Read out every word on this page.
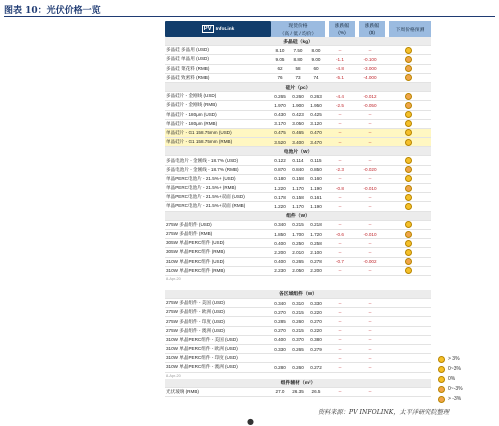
图表 10：光伏价格一览
PV InfoLink	现货价格		涨跌幅		涨跌幅		下周价格预测
	（高 / 低 / 均价）		(%)		($)		
多晶硅（kg）						
多晶硅 多晶用 (USD)	8.10	7.50	8.00	--	--	
多晶硅 单晶用 (USD)	9.05	8.80	9.00	-1.1	-0.100	
多晶硅 菜花料 (RMB)	62	58	60	-4.8	-3.000	
多晶硅 致密料 (RMB)	76	73	74	-5.1	-4.000	
硅片（pc）						
多晶硅片 - 金刚线 (USD)	0.265	0.260	0.263	-4.4	-0.012	
多晶硅片 - 金刚线 (RMB)	1.970	1.900	1.950	-2.5	-0.050	
单晶硅片 - 180μm (USD)	0.430	0.423	0.425	--	--	
单晶硅片 - 180μm (RMB)	3.170	3.050	3.120	--	--	
单晶硅片 - G1 158.75mm (USD)	0.475	0.465	0.470	--	--	
单晶硅片 - G1 158.75mm (RMB)	3.520	3.400	3.470	--	--	
电池片（W）						
多晶电池片 - 金刚线 - 18.7% (USD)	0.122	0.114	0.115	--	--	
多晶电池片 - 金刚线 - 18.7% (RMB)	0.870	0.840	0.850	-2.3	-0.020	
单晶PERC电池片 - 21.5%+ (USD)	0.180	0.158	0.160	--	--	
单晶PERC电池片 - 21.5%+ (RMB)	1.220	1.170	1.190	-0.8	-0.010	
单晶PERC电池片 - 21.5%+双面 (USD)	0.178	0.158	0.161	--	--	
单晶PERC电池片 - 21.5%+双面 (RMB)	1.220	1.170	1.190	--	--	
组件（W）						
275W 多晶组件 (USD)	0.340	0.215	0.218	--	--	
275W 多晶组件 (RMB)	1.850	1.700	1.720	-0.6	-0.010	
305W 单晶PERC组件 (USD)	0.400	0.250	0.258	--	--	
305W 单晶PERC组件 (RMB)	2.200	2.010	2.100	--	--	
310W 单晶PERC组件 (USD)	0.400	0.265	0.278	-0.7	-0.002	
310W 单晶PERC组件 (RMB)	2.230	2.050	2.200	--	--	
8-Apr-20						

各区域组件（W）						
275W 多晶组件 - 美国 (USD)	0.340	0.310	0.330	--	--	
275W 多晶组件 - 欧洲 (USD)	0.270	0.215	0.220	--	--	
275W 多晶组件 - 印度 (USD)	0.285	0.260	0.270	--	--	
275W 多晶组件 - 澳洲 (USD)	0.270	0.215	0.220	--	--	
310W 单晶PERC组件 - 美国 (USD)	0.400	0.370	0.380	--	--	
310W 单晶PERC组件 - 欧洲 (USD)	0.330	0.265	0.279	--	--	
310W 单晶PERC组件 - 印度 (USD)				--	--	
310W 单晶PERC组件 - 澳洲 (USD)	0.280	0.260	0.272	--	--	
8-Apr-20						
组件辅材（m²）						
光伏玻璃 (RMB)	27.0	26.35	26.5	--	--	
> 3%
0~3%
0%
0~-3%
> -3%
资料来源：PV INFOLINK，太平洋研究院整理
●
